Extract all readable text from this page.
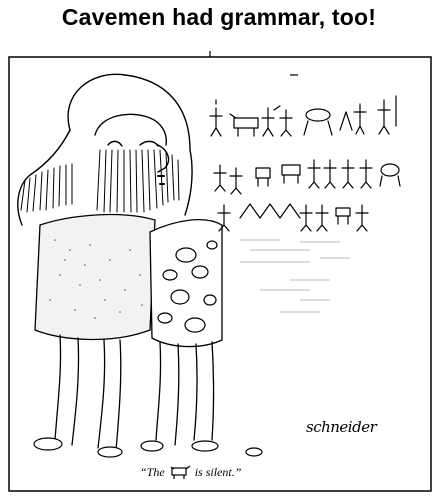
Cavemen had grammar, too!
schneider
“The	is silent.”
